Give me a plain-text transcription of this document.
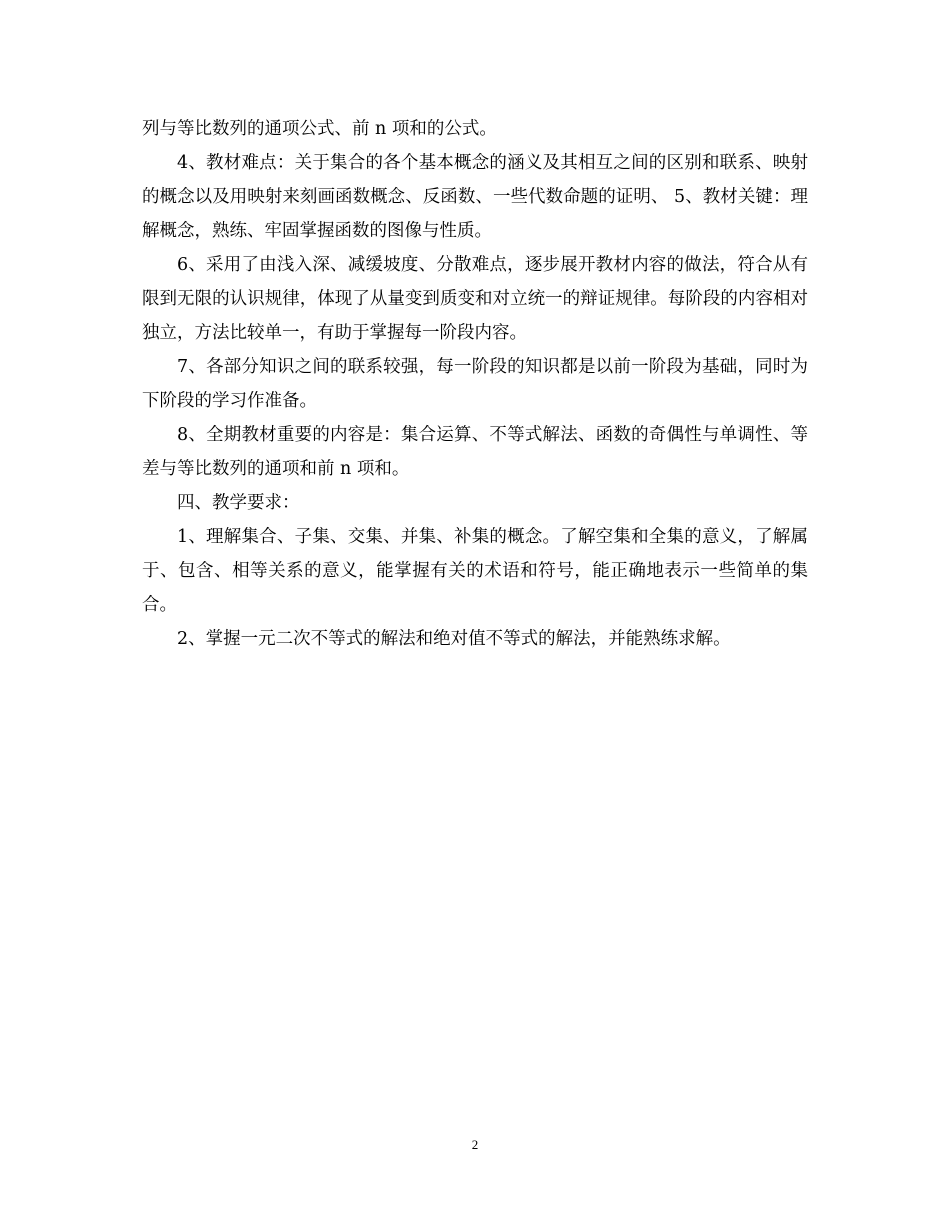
列与等比数列的通项公式、前 n 项和的公式。

4、教材难点：关于集合的各个基本概念的涵义及其相互之间的区别和联系、映射的概念以及用映射来刻画函数概念、反函数、一些代数命题的证明、 5、教材关键：理解概念，熟练、牢固掌握函数的图像与性质。

6、采用了由浅入深、减缓坡度、分散难点，逐步展开教材内容的做法，符合从有限到无限的认识规律，体现了从量变到质变和对立统一的辩证规律。每阶段的内容相对独立，方法比较单一，有助于掌握每一阶段内容。

7、各部分知识之间的联系较强，每一阶段的知识都是以前一阶段为基础，同时为下阶段的学习作准备。

8、全期教材重要的内容是：集合运算、不等式解法、函数的奇偶性与单调性、等差与等比数列的通项和前 n 项和。

四、教学要求：

1、理解集合、子集、交集、并集、补集的概念。了解空集和全集的意义，了解属于、包含、相等关系的意义，能掌握有关的术语和符号，能正确地表示一些简单的集合。

2、掌握一元二次不等式的解法和绝对值不等式的解法，并能熟练求解。

2
